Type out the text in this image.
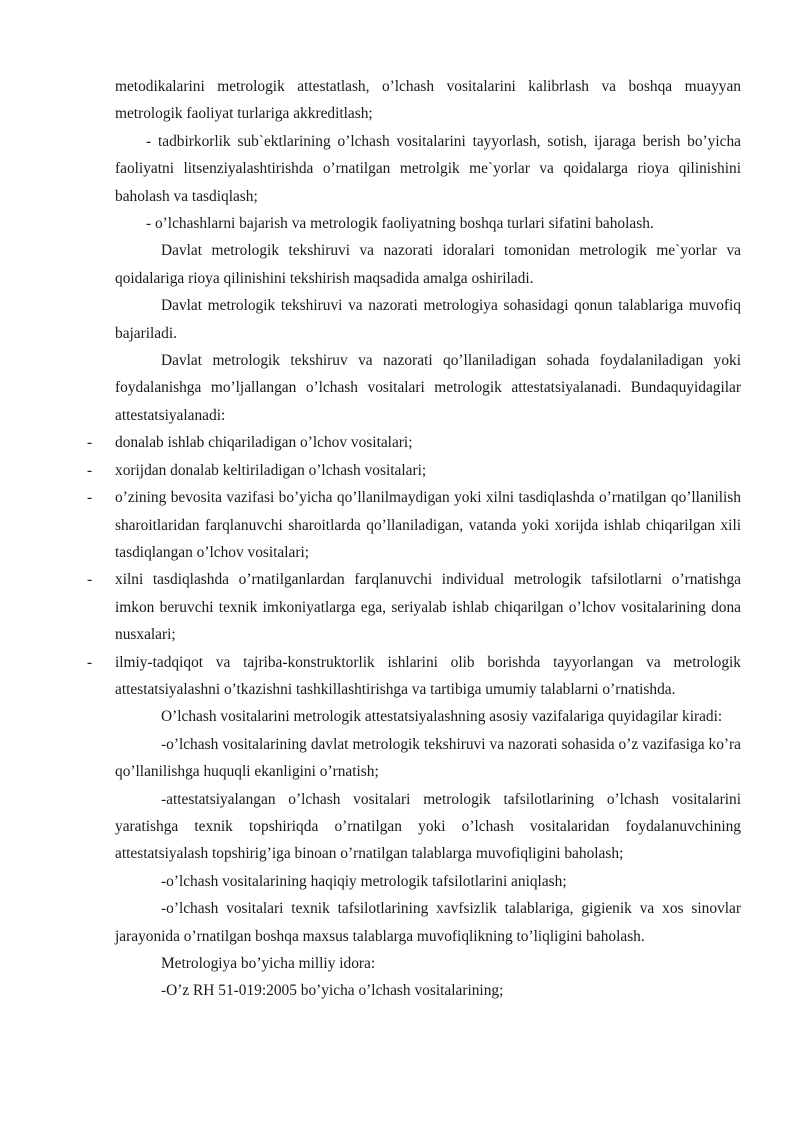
metodikalarini metrologik attestatlash, o’lchash vositalarini kalibrlash va boshqa muayyan metrologik faoliyat turlariga akkreditlash;

- tadbirkorlik sub`ektlarining o’lchash vositalarini tayyorlash, sotish, ijaraga berish bo’yicha faoliyatni litsenziyalashtirishda o’rnatilgan metrolgik me`yorlar va qoidalarga rioya qilinishini baholash va tasdiqlash;

- o’lchashlarni bajarish va metrologik faoliyatning boshqa turlari sifatini baholash.

Davlat metrologik tekshiruvi va nazorati idoralari tomonidan metrologik me`yorlar va qoidalariga rioya qilinishini tekshirish maqsadida amalga oshiriladi.

Davlat metrologik tekshiruvi va nazorati metrologiya sohasidagi qonun talablariga muvofiq bajariladi.

Davlat metrologik tekshiruv va nazorati qo’llaniladigan sohada foydalaniladigan yoki foydalanishga mo’ljallangan o’lchash vositalari metrologik attestatsiyalanadi. Bundaquyidagilar attestatsiyalanadi:

-	donalab ishlab chiqariladigan o’lchov vositalari;

-	xorijdan donalab keltiriladigan o’lchash vositalari;

-	o’zining bevosita vazifasi bo’yicha qo’llanilmaydigan yoki xilni tasdiqlashda o’rnatilgan qo’llanilish sharoitlaridan farqlanuvchi sharoitlarda qo’llaniladigan, vatanda yoki xorijda ishlab chiqarilgan xili tasdiqlangan o’lchov vositalari;

-	xilni tasdiqlashda o’rnatilganlardan farqlanuvchi individual metrologik tafsilotlarni o’rnatishga imkon beruvchi texnik imkoniyatlarga ega, seriyalab ishlab chiqarilgan o’lchov vositalarining dona nusxalari;

-	ilmiy-tadqiqot va tajriba-konstruktorlik ishlarini olib borishda tayyorlangan va metrologik attestatsiyalashni o’tkazishni tashkillashtirishga va tartibiga umumiy talablarni o’rnatishda.

O’lchash vositalarini metrologik attestatsiyalashning asosiy vazifalariga quyidagilar kiradi:

-o’lchash vositalarining davlat metrologik tekshiruvi va nazorati sohasida o’z vazifasiga ko’ra qo’llanilishga huquqli ekanligini o’rnatish;

-attestatsiyalangan o’lchash vositalari metrologik tafsilotlarining o’lchash vositalarini yaratishga texnik topshiriqda o’rnatilgan yoki o’lchash vositalaridan foydalanuvchining attestatsiyalash topshirig’iga binoan o’rnatilgan talablarga muvofiqligini baholash;

-o’lchash vositalarining haqiqiy metrologik tafsilotlarini aniqlash;

-o’lchash vositalari texnik tafsilotlarining xavfsizlik talablariga, gigienik va xos sinovlar jarayonida o’rnatilgan boshqa maxsus talablarga muvofiqlikning to’liqligini baholash.

Metrologiya bo’yicha milliy idora:

-O’z RH 51-019:2005 bo’yicha o’lchash vositalarining;
